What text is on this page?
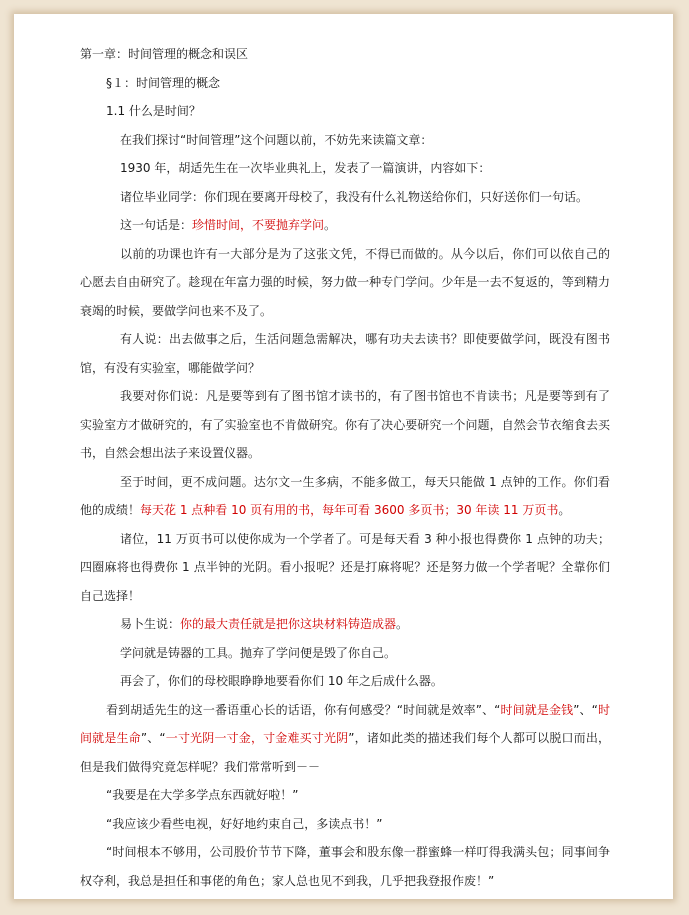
第一章：时间管理的概念和误区

§１：时间管理的概念

1.1 什么是时间？

在我们探讨“时间管理”这个问题以前，不妨先来读篇文章：

1930 年，胡适先生在一次毕业典礼上，发表了一篇演讲，内容如下：

诸位毕业同学：你们现在要离开母校了，我没有什么礼物送给你们，只好送你们一句话。

这一句话是：珍惜时间，不要抛弃学问。

以前的功课也许有一大部分是为了这张文凭，不得已而做的。从今以后，你们可以依自己的心愿去自由研究了。趁现在年富力强的时候，努力做一种专门学问。少年是一去不复返的，等到精力衰竭的时候，要做学问也来不及了。

有人说：出去做事之后，生活问题急需解决，哪有功夫去读书？即使要做学问，既没有图书馆，有没有实验室，哪能做学问？

我要对你们说：凡是要等到有了图书馆才读书的，有了图书馆也不肯读书；凡是要等到有了实验室方才做研究的，有了实验室也不肯做研究。你有了决心要研究一个问题，自然会节衣缩食去买书，自然会想出法子来设置仪器。

至于时间，更不成问题。达尔文一生多病，不能多做工，每天只能做 1 点钟的工作。你们看他的成绩！每天花 1 点种看 10 页有用的书，每年可看 3600 多页书；30 年读 11 万页书。

诸位，11 万页书可以使你成为一个学者了。可是每天看 3 种小报也得费你 1 点钟的功夫；四圈麻将也得费你 1 点半钟的光阴。看小报呢？还是打麻将呢？还是努力做一个学者呢？全靠你们自己选择！

易卜生说：你的最大责任就是把你这块材料铸造成器。

学问就是铸器的工具。抛弃了学问便是毁了你自己。

再会了，你们的母校眼睁睁地要看你们 10 年之后成什么器。

看到胡适先生的这一番语重心长的话语，你有何感受？“时间就是效率”、“时间就是金钱”、“时间就是生命”、“一寸光阴一寸金，寸金难买寸光阴”，诸如此类的描述我们每个人都可以脱口而出，但是我们做得究竟怎样呢？我们常常听到－－

“我要是在大学多学点东西就好啦！”

“我应该少看些电视，好好地约束自己，多读点书！”

“时间根本不够用，公司股价节节下降，董事会和股东像一群蜜蜂一样叮得我满头包；同事间争权夺利，我总是担任和事佬的角色；家人总也见不到我，几乎把我登报作废！”
